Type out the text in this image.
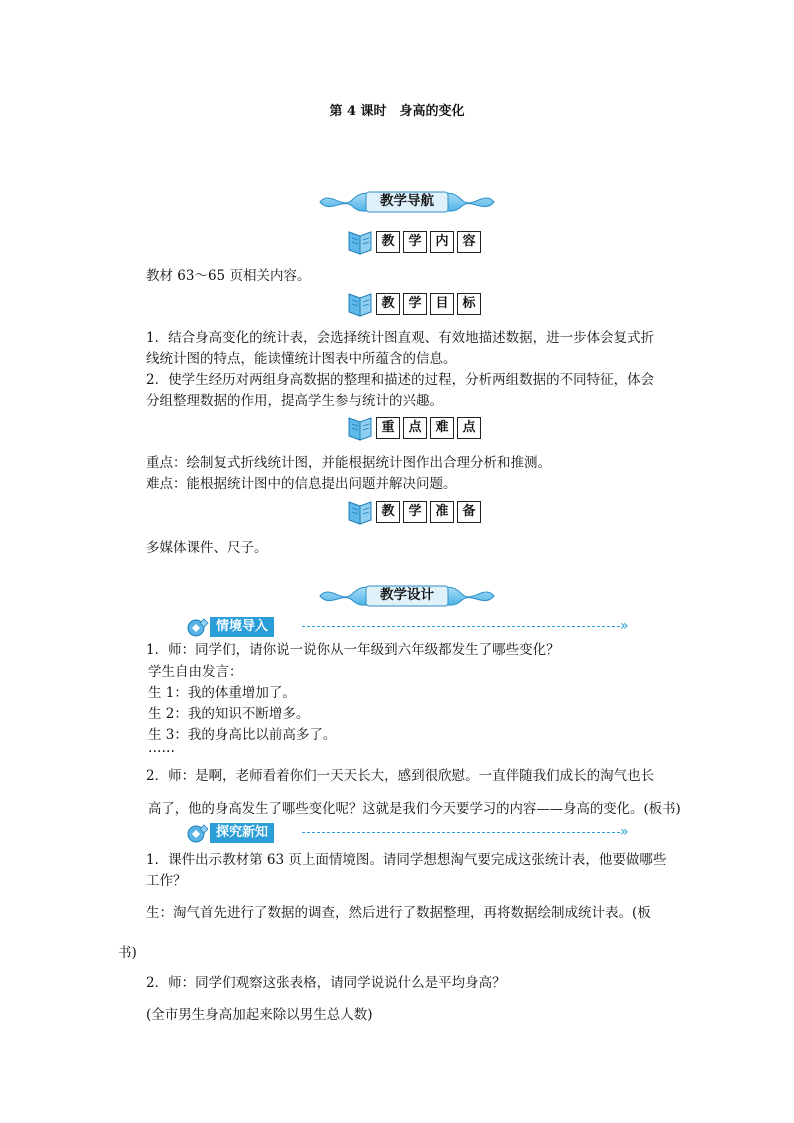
第 4 课时　身高的变化
教学导航
教	学	内	容
教材 63～65 页相关内容。
教	学	目	标
1．结合身高变化的统计表，会选择统计图直观、有效地描述数据，进一步体会复式折
线统计图的特点，能读懂统计图表中所蕴含的信息。
2．使学生经历对两组身高数据的整理和描述的过程，分析两组数据的不同特征，体会
分组整理数据的作用，提高学生参与统计的兴趣。
重	点	难	点
重点：绘制复式折线统计图，并能根据统计图作出合理分析和推测。
难点：能根据统计图中的信息提出问题并解决问题。
教	学	准	备
多媒体课件、尺子。
教学设计
情境导入	»
1．师：同学们，请你说一说你从一年级到六年级都发生了哪些变化？
学生自由发言：
生 1：我的体重增加了。
生 2：我的知识不断增多。
生 3：我的身高比以前高多了。
……
2．师：是啊，老师看着你们一天天长大，感到很欣慰。一直伴随我们成长的淘气也长
高了，他的身高发生了哪些变化呢？这就是我们今天要学习的内容——身高的变化。(板书)
探究新知	»
1．课件出示教材第 63 页上面情境图。请同学想想淘气要完成这张统计表，他要做哪些
工作？
生：淘气首先进行了数据的调查，然后进行了数据整理，再将数据绘制成统计表。(板
书)
2．师：同学们观察这张表格，请同学说说什么是平均身高？
(全市男生身高加起来除以男生总人数)
